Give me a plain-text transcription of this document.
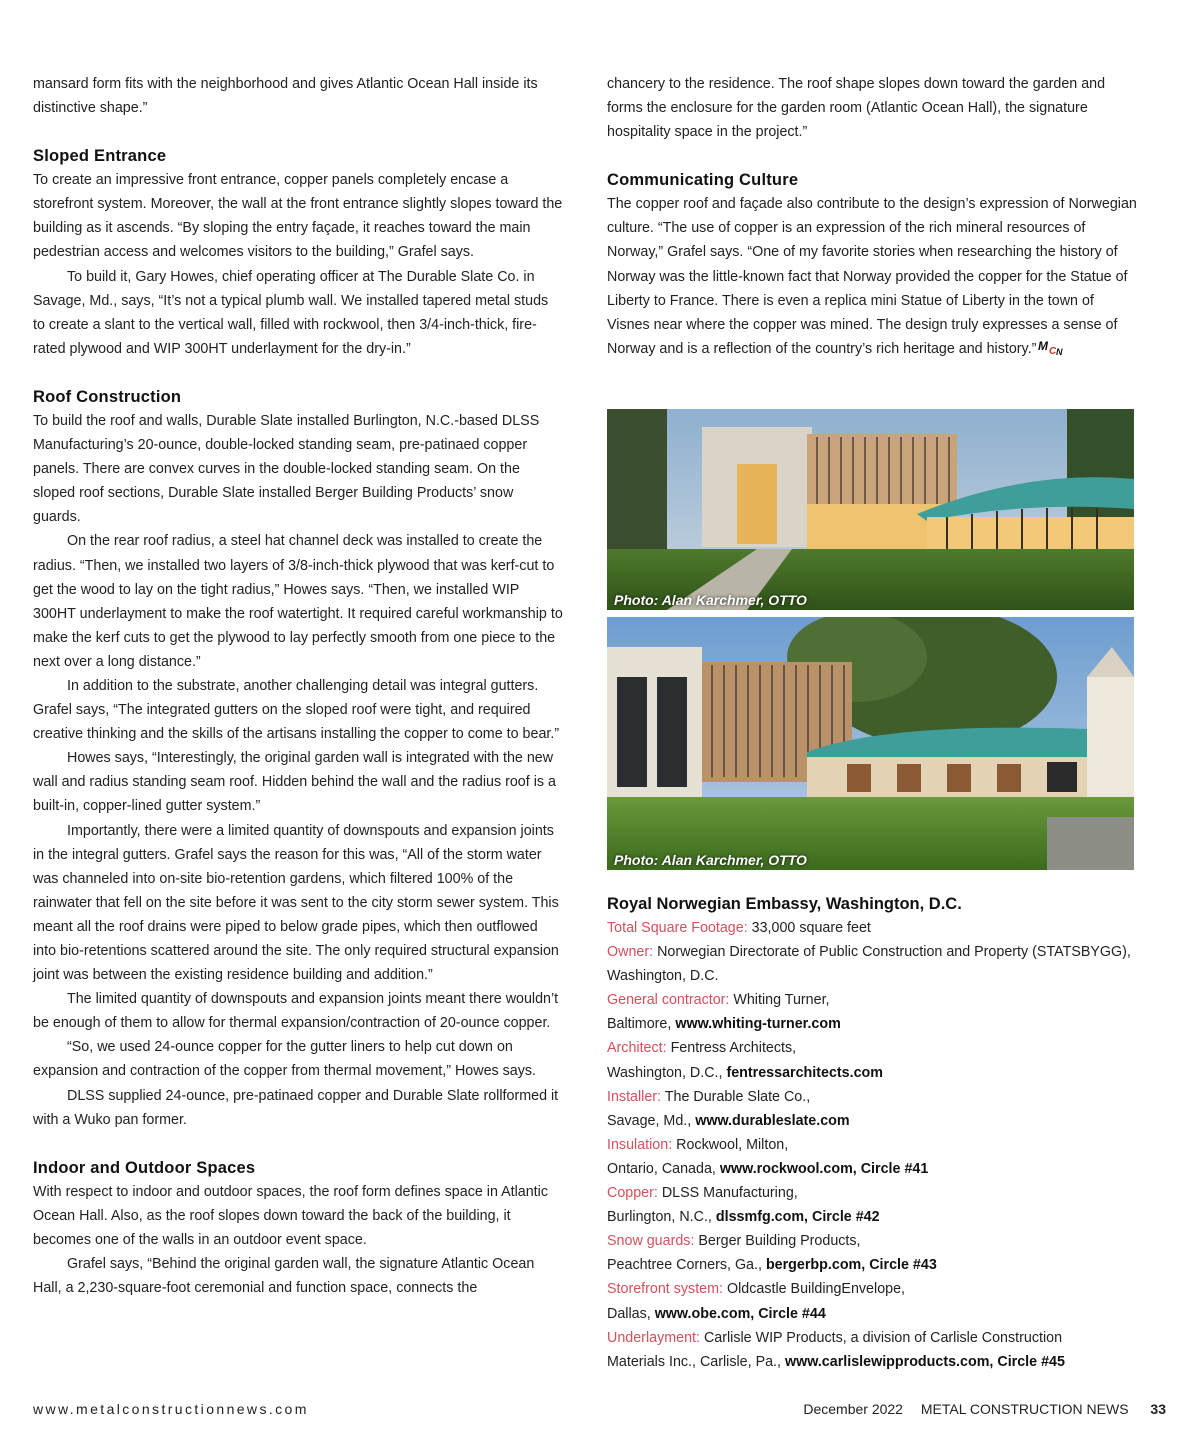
mansard form fits with the neighborhood and gives Atlantic Ocean Hall inside its distinctive shape.”

Sloped Entrance

To create an impressive front entrance, copper panels completely encase a storefront system. Moreover, the wall at the front entrance slightly slopes toward the building as it ascends. “By sloping the entry façade, it reaches toward the main pedestrian access and welcomes visitors to the building,” Grafel says.

To build it, Gary Howes, chief operating officer at The Durable Slate Co. in Savage, Md., says, “It’s not a typical plumb wall. We installed tapered metal studs to create a slant to the vertical wall, filled with rockwool, then 3/4-inch-thick, fire-rated plywood and WIP 300HT underlayment for the dry-in.”

Roof Construction

To build the roof and walls, Durable Slate installed Burlington, N.C.-based DLSS Manufacturing’s 20-ounce, double-locked standing seam, pre-patinaed copper panels. There are convex curves in the double-locked standing seam. On the sloped roof sections, Durable Slate installed Berger Building Products’ snow guards.

On the rear roof radius, a steel hat channel deck was installed to create the radius. “Then, we installed two layers of 3/8-inch-thick plywood that was kerf-cut to get the wood to lay on the tight radius,” Howes says. “Then, we installed WIP 300HT underlayment to make the roof watertight. It required careful workmanship to make the kerf cuts to get the plywood to lay perfectly smooth from one piece to the next over a long distance.”

In addition to the substrate, another challenging detail was integral gutters. Grafel says, “The integrated gutters on the sloped roof were tight, and required creative thinking and the skills of the artisans installing the copper to come to bear.”

Howes says, “Interestingly, the original garden wall is integrated with the new wall and radius standing seam roof. Hidden behind the wall and the radius roof is a built-in, copper-lined gutter system.”

Importantly, there were a limited quantity of downspouts and expansion joints in the integral gutters. Grafel says the reason for this was, “All of the storm water was channeled into on-site bio-retention gardens, which filtered 100% of the rainwater that fell on the site before it was sent to the city storm sewer system. This meant all the roof drains were piped to below grade pipes, which then outflowed into bio-retentions scattered around the site. The only required structural expansion joint was between the existing residence building and addition.”

The limited quantity of downspouts and expansion joints meant there wouldn’t be enough of them to allow for thermal expansion/contraction of 20-ounce copper.

“So, we used 24-ounce copper for the gutter liners to help cut down on expansion and contraction of the copper from thermal movement,” Howes says.

DLSS supplied 24-ounce, pre-patinaed copper and Durable Slate rollformed it with a Wuko pan former.

Indoor and Outdoor Spaces

With respect to indoor and outdoor spaces, the roof form defines space in Atlantic Ocean Hall. Also, as the roof slopes down toward the back of the building, it becomes one of the walls in an outdoor event space.

Grafel says, “Behind the original garden wall, the signature Atlantic Ocean Hall, a 2,230-square-foot ceremonial and function space, connects the

chancery to the residence. The roof shape slopes down toward the garden and forms the enclosure for the garden room (Atlantic Ocean Hall), the signature hospitality space in the project.”

Communicating Culture

The copper roof and façade also contribute to the design’s expression of Norwegian culture. “The use of copper is an expression of the rich mineral resources of Norway,” Grafel says. “One of my favorite stories when researching the history of Norway was the little-known fact that Norway provided the copper for the Statue of Liberty to France. There is even a replica mini Statue of Liberty in the town of Visnes near where the copper was mined. The design truly expresses a sense of Norway and is a reflection of the country’s rich heritage and history.” M C N

Photo: Alan Karchmer, OTTO
Photo: Alan Karchmer, OTTO
Royal Norwegian Embassy, Washington, D.C.
Total Square Footage: 33,000 square feet
Owner: Norwegian Directorate of Public Construction and Property (STATSBYGG), Washington, D.C.
General contractor: Whiting Turner,
Baltimore, www.whiting-turner.com
Architect: Fentress Architects,
Washington, D.C., fentressarchitects.com
Installer: The Durable Slate Co.,
Savage, Md., www.durableslate.com
Insulation: Rockwool, Milton,
Ontario, Canada, www.rockwool.com, Circle #41
Copper: DLSS Manufacturing,
Burlington, N.C., dlssmfg.com, Circle #42
Snow guards: Berger Building Products,
Peachtree Corners, Ga., bergerbp.com, Circle #43
Storefront system: Oldcastle BuildingEnvelope,
Dallas, www.obe.com, Circle #44
Underlayment: Carlisle WIP Products, a division of Carlisle Construction Materials Inc., Carlisle, Pa., www.carlislewipproducts.com, Circle #45
www.metalconstructionnews.com	December 2022 METAL CONSTRUCTION NEWS 33
